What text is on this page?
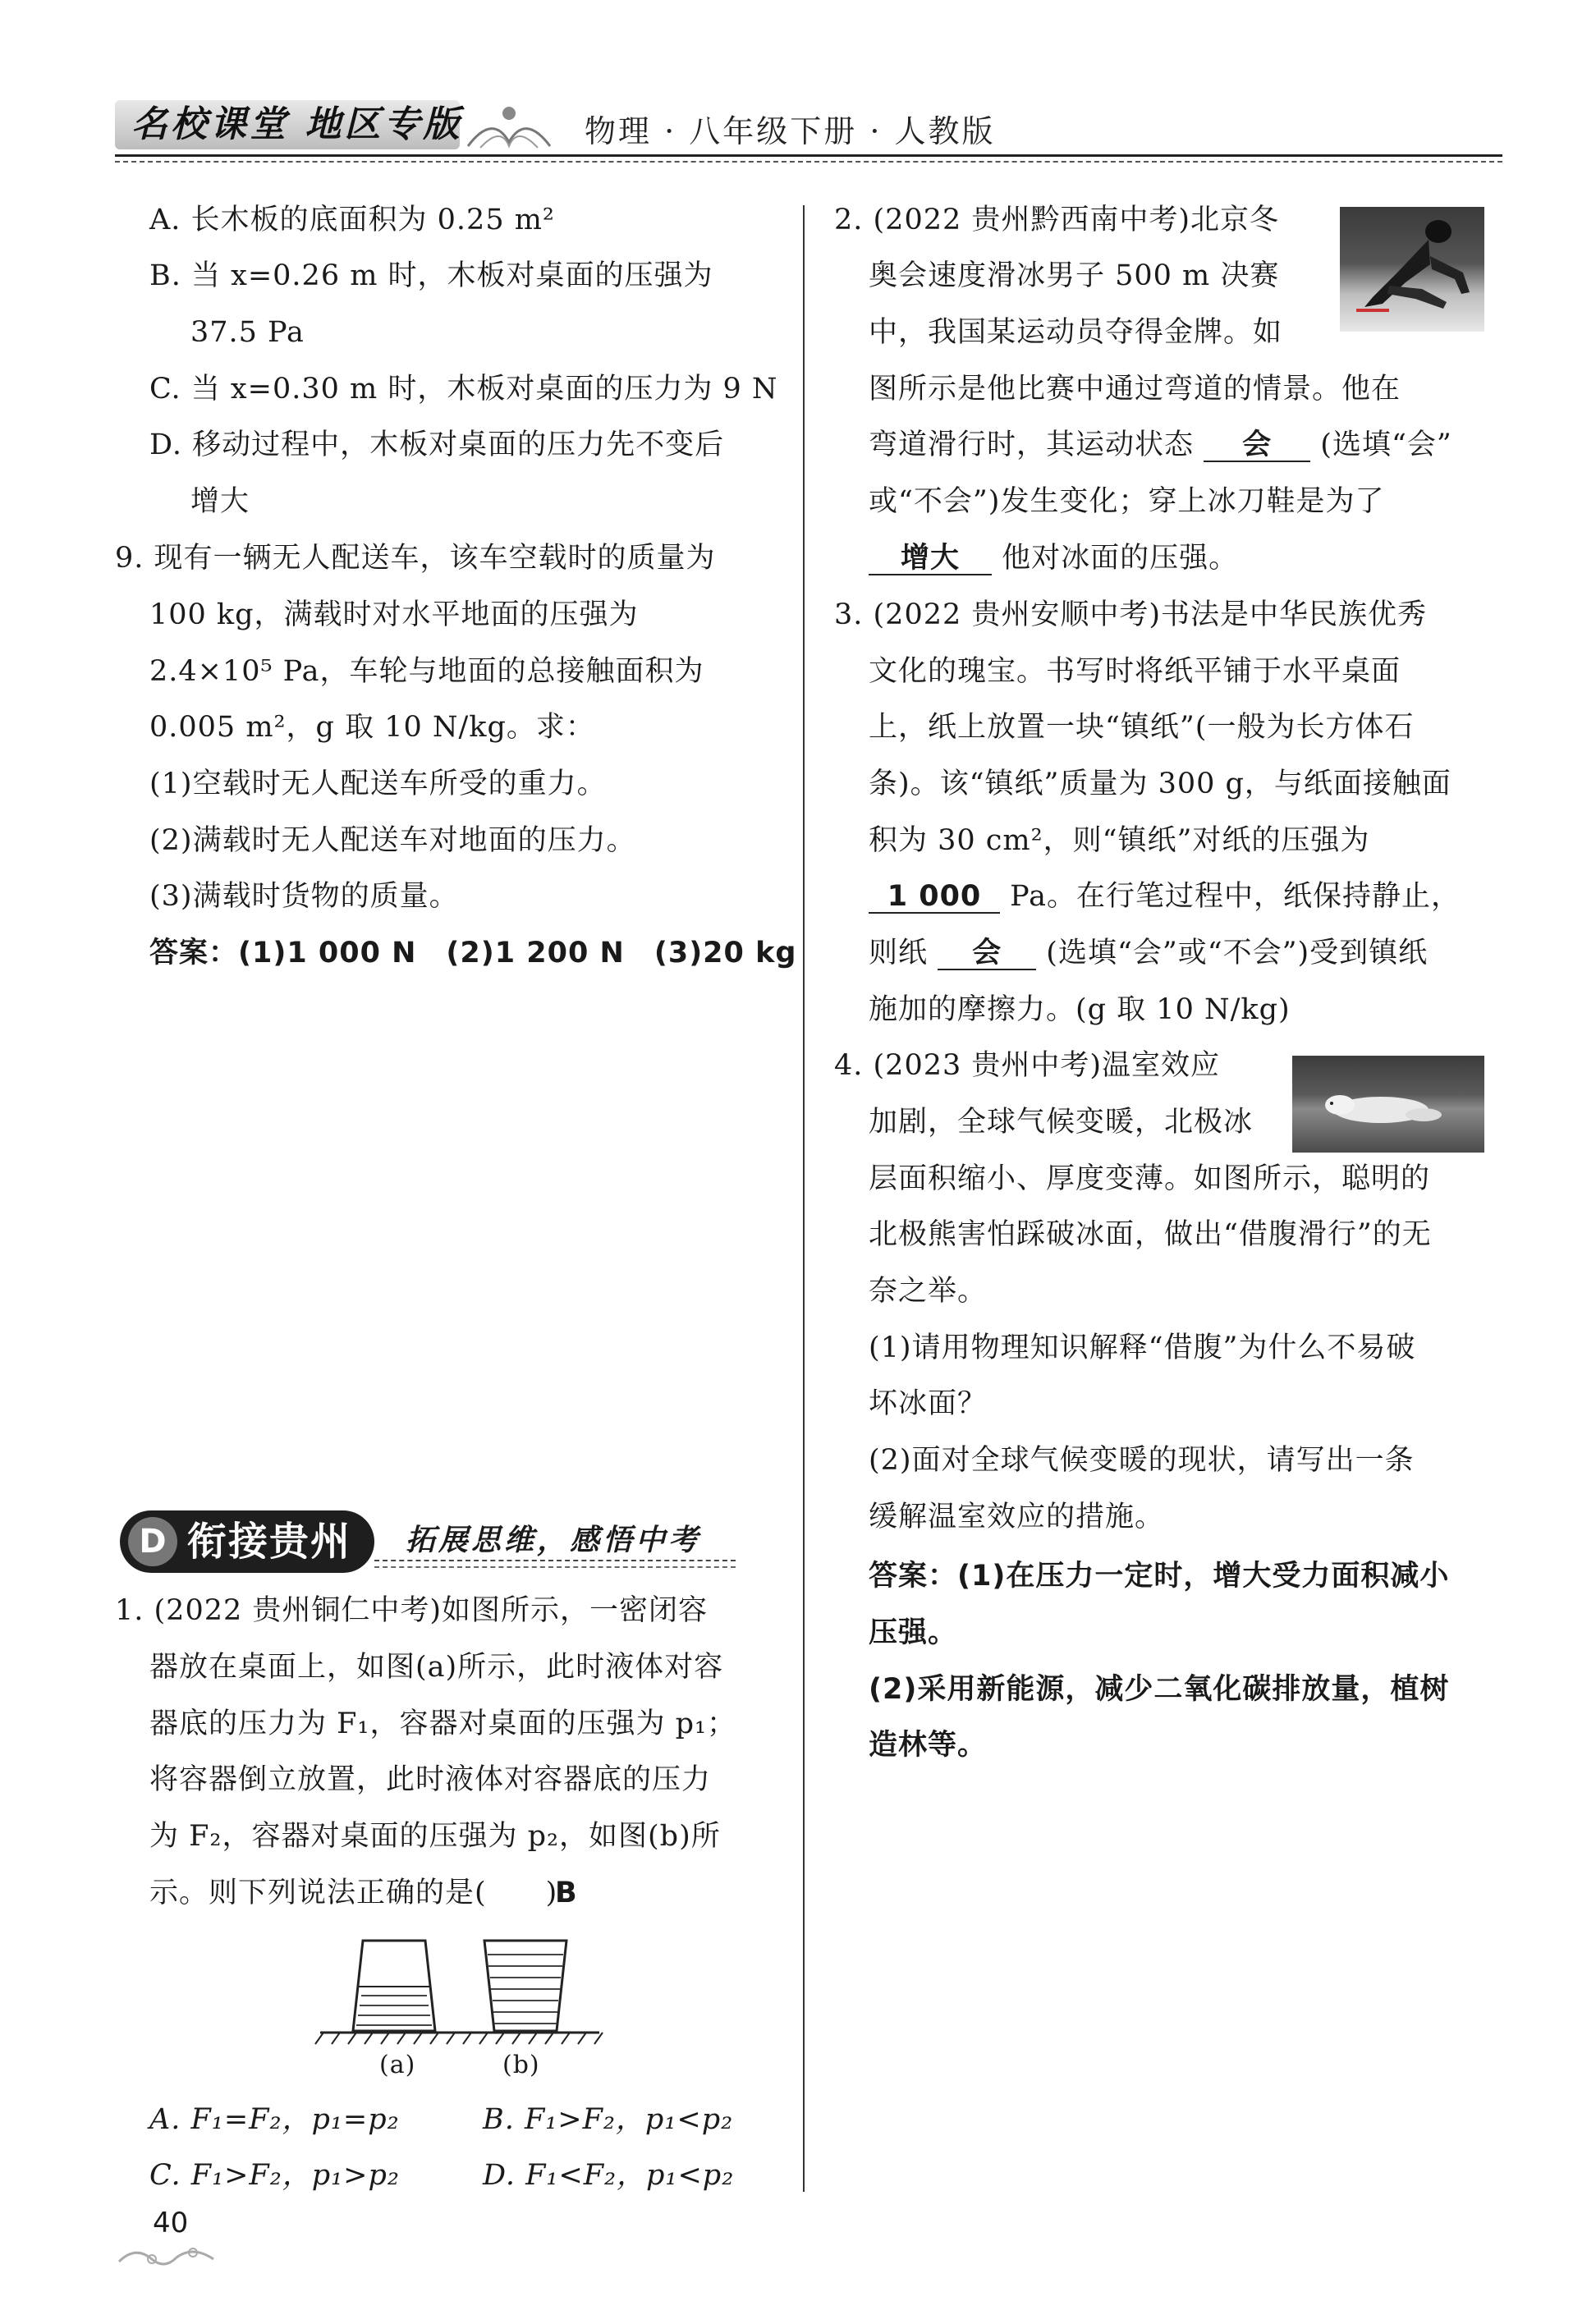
名校课堂 地区专版	物理 · 八年级下册 · 人教版
A. 长木板的底面积为 0.25 m²
B. 当 x=0.26 m 时，木板对桌面的压强为
37.5 Pa
C. 当 x=0.30 m 时，木板对桌面的压力为 9 N
D. 移动过程中，木板对桌面的压力先不变后
增大
9. 现有一辆无人配送车，该车空载时的质量为
100 kg，满载时对水平地面的压强为
2.4×10⁵ Pa，车轮与地面的总接触面积为
0.005 m²，g 取 10 N/kg。求：
(1)空载时无人配送车所受的重力。
(2)满载时无人配送车对地面的压力。
(3)满载时货物的质量。
答案：(1)1 000 N　(2)1 200 N　(3)20 kg
D 衔接贵州 拓展思维，感悟中考
1. (2022 贵州铜仁中考)如图所示，一密闭容
器放在桌面上，如图(a)所示，此时液体对容
器底的压力为 F₁，容器对桌面的压强为 p₁；
将容器倒立放置，此时液体对容器底的压力
为 F₂，容器对桌面的压强为 p₂，如图(b)所
示。则下列说法正确的是(　　)
B
(a)	(b)
A. F₁=F₂，p₁=p₂	B. F₁>F₂，p₁<p₂
C. F₁>F₂，p₁>p₂	D. F₁<F₂，p₁<p₂
40
2. (2022 贵州黔西南中考)北京冬
奥会速度滑冰男子 500 m 决赛
中，我国某运动员夺得金牌。如
图所示是他比赛中通过弯道的情景。他在
弯道滑行时，其运动状态 会 (选填“会”
或“不会”)发生变化；穿上冰刀鞋是为了
增大 他对冰面的压强。
3. (2022 贵州安顺中考)书法是中华民族优秀
文化的瑰宝。书写时将纸平铺于水平桌面
上，纸上放置一块“镇纸”(一般为长方体石
条)。该“镇纸”质量为 300 g，与纸面接触面
积为 30 cm²，则“镇纸”对纸的压强为
1 000 Pa。在行笔过程中，纸保持静止，
则纸 会 (选填“会”或“不会”)受到镇纸
施加的摩擦力。(g 取 10 N/kg)
4. (2023 贵州中考)温室效应
加剧，全球气候变暖，北极冰
层面积缩小、厚度变薄。如图所示，聪明的
北极熊害怕踩破冰面，做出“借腹滑行”的无
奈之举。
(1)请用物理知识解释“借腹”为什么不易破
坏冰面？
(2)面对全球气候变暖的现状，请写出一条
缓解温室效应的措施。
答案：(1)在压力一定时，增大受力面积减小
压强。
(2)采用新能源，减少二氧化碳排放量，植树
造林等。
